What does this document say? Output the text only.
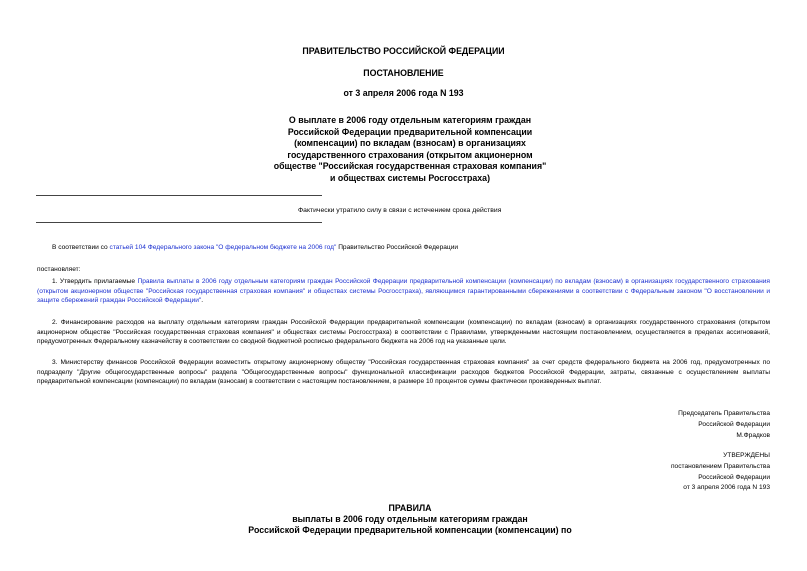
ПРАВИТЕЛЬСТВО РОССИЙСКОЙ ФЕДЕРАЦИИ
ПОСТАНОВЛЕНИЕ
от 3 апреля 2006 года N 193
О выплате в 2006 году отдельным категориям граждан
Российской Федерации предварительной компенсации
(компенсации) по вкладам (взносам) в организациях
государственного страхования (открытом акционерном
обществе "Российская государственная страховая компания"
и обществах системы Росгосстраха)
Фактически утратило силу в связи с истечением срока действия
В соответствии со статьей 104 Федерального закона "О федеральном бюджете на 2006 год" Правительство Российской Федерации
постановляет:
1. Утвердить прилагаемые Правила выплаты в 2006 году отдельным категориям граждан Российской Федерации предварительной компенсации (компенсации) по вкладам (взносам) в организациях государственного страхования (открытом акционерном обществе "Российская государственная страховая компания" и обществах системы Росгосстраха), являющимся гарантированными сбережениями в соответствии с Федеральным законом "О восстановлении и защите сбережений граждан Российской Федерации".
2. Финансирование расходов на выплату отдельным категориям граждан Российской Федерации предварительной компенсации (компенсации) по вкладам (взносам) в организациях государственного страхования (открытом акционерном обществе "Российская государственная страховая компания" и обществах системы Росгосстраха) в соответствии с Правилами, утвержденными настоящим постановлением, осуществляется в пределах ассигнований, предусмотренных Федеральному казначейству в соответствии со сводной бюджетной росписью федерального бюджета на 2006 год на указанные цели.
3. Министерству финансов Российской Федерации возместить открытому акционерному обществу "Российская государственная страховая компания" за счет средств федерального бюджета на 2006 год, предусмотренных по подразделу "Другие общегосударственные вопросы" раздела "Общегосударственные вопросы" функциональной классификации расходов бюджетов Российской Федерации, затраты, связанные с осуществлением выплаты предварительной компенсации (компенсации) по вкладам (взносам) в соответствии с настоящим постановлением, в размере 10 процентов суммы фактически произведенных выплат.
Председатель Правительства
Российской Федерации
М.Фрадков
УТВЕРЖДЕНЫ
постановлением Правительства
Российской Федерации
от 3 апреля 2006 года N 193
ПРАВИЛА
выплаты в 2006 году отдельным категориям граждан
Российской Федерации предварительной компенсации (компенсации) по
